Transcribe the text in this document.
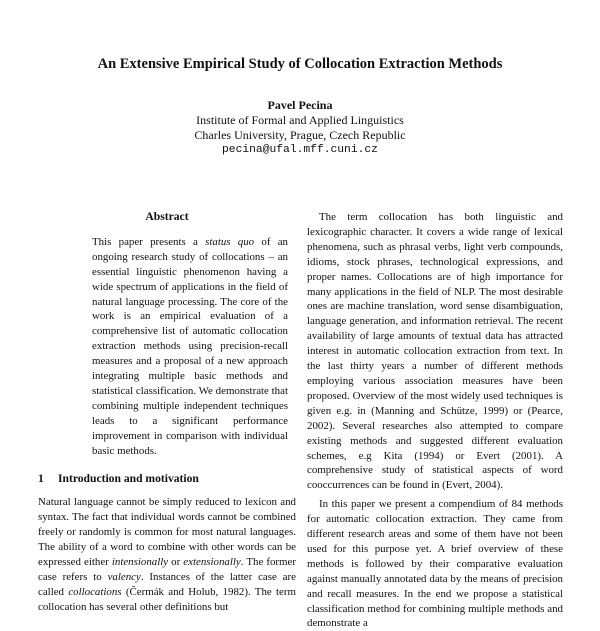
An Extensive Empirical Study of Collocation Extraction Methods
Pavel Pecina
Institute of Formal and Applied Linguistics
Charles University, Prague, Czech Republic
pecina@ufal.mff.cuni.cz
Abstract

This paper presents a status quo of an ongoing research study of collocations – an essential linguistic phenomenon having a wide spectrum of applications in the field of natural language processing. The core of the work is an empirical evaluation of a comprehensive list of automatic collocation extraction methods using precision-recall measures and a proposal of a new approach integrating multiple basic methods and statistical classification. We demonstrate that combining multiple independent techniques leads to a significant performance improvement in comparison with individual basic methods.

1 Introduction and motivation

Natural language cannot be simply reduced to lexicon and syntax. The fact that individual words cannot be combined freely or randomly is common for most natural languages. The ability of a word to combine with other words can be expressed either intensionally or extensionally. The former case refers to valency. Instances of the latter case are called collocations (Čermák and Holub, 1982). The term collocation has several other definitions but

The term collocation has both linguistic and lexicographic character. It covers a wide range of lexical phenomena, such as phrasal verbs, light verb compounds, idioms, stock phrases, technological expressions, and proper names. Collocations are of high importance for many applications in the field of NLP. The most desirable ones are machine translation, word sense disambiguation, language generation, and information retrieval. The recent availability of large amounts of textual data has attracted interest in automatic collocation extraction from text. In the last thirty years a number of different methods employing various association measures have been proposed. Overview of the most widely used techniques is given e.g. in (Manning and Schütze, 1999) or (Pearce, 2002). Several researches also attempted to compare existing methods and suggested different evaluation schemes, e.g Kita (1994) or Evert (2001). A comprehensive study of statistical aspects of word cooccurrences can be found in (Evert, 2004).

In this paper we present a compendium of 84 methods for automatic collocation extraction. They came from different research areas and some of them have not been used for this purpose yet. A brief overview of these methods is followed by their comparative evaluation against manually annotated data by the means of precision and recall measures. In the end we propose a statistical classification method for combining multiple methods and demonstrate a
